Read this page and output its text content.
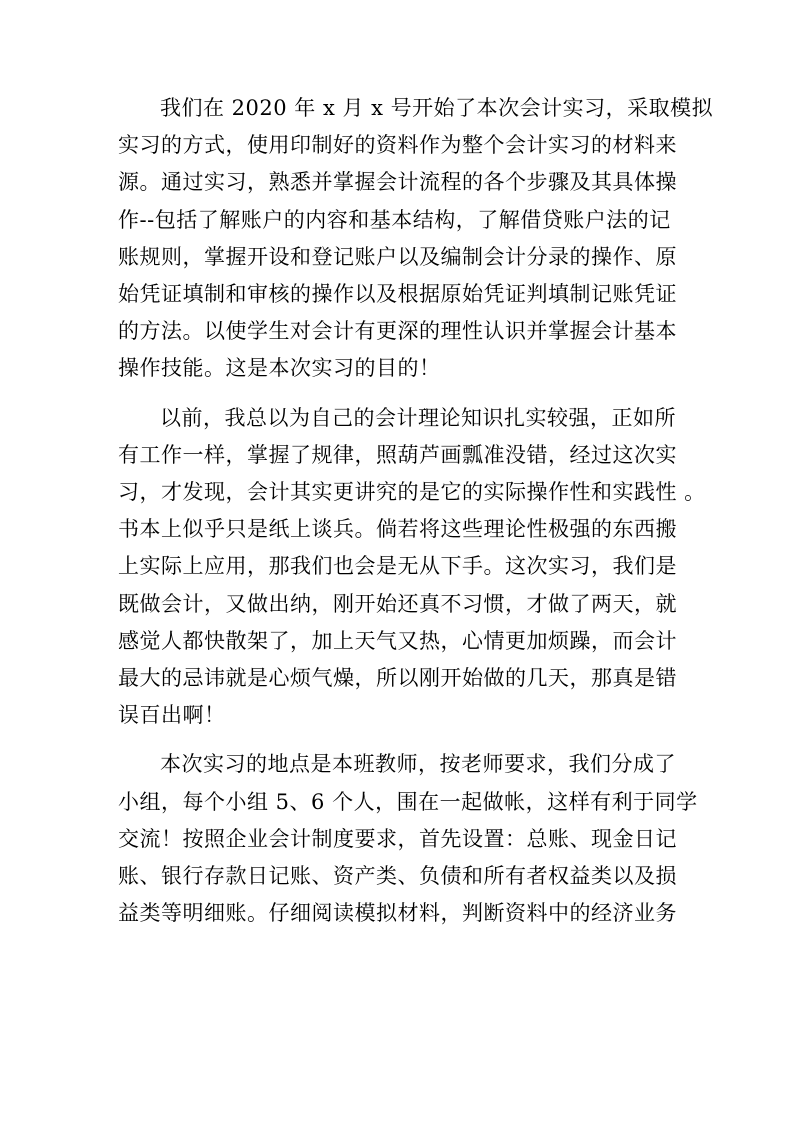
我们在 2020 年 x 月 x 号开始了本次会计实习，采取模拟
实习的方式，使用印制好的资料作为整个会计实习的材料来
源。通过实习，熟悉并掌握会计流程的各个步骤及其具体操
作--包括了解账户的内容和基本结构，了解借贷账户法的记
账规则，掌握开设和登记账户以及编制会计分录的操作、原
始凭证填制和审核的操作以及根据原始凭证判填制记账凭证
的方法。以使学生对会计有更深的理性认识并掌握会计基本
操作技能。这是本次实习的目的！

以前，我总以为自己的会计理论知识扎实较强，正如所
有工作一样，掌握了规律，照葫芦画瓢准没错，经过这次实
习，才发现，会计其实更讲究的是它的实际操作性和实践性 。
书本上似乎只是纸上谈兵。倘若将这些理论性极强的东西搬
上实际上应用，那我们也会是无从下手。这次实习，我们是
既做会计，又做出纳，刚开始还真不习惯，才做了两天，就
感觉人都快散架了，加上天气又热，心情更加烦躁，而会计
最大的忌讳就是心烦气燥，所以刚开始做的几天，那真是错
误百出啊！

本次实习的地点是本班教师，按老师要求，我们分成了
小组，每个小组 5、6 个人，围在一起做帐，这样有利于同学
交流！按照企业会计制度要求，首先设置：总账、现金日记
账、银行存款日记账、资产类、负债和所有者权益类以及损
益类等明细账。仔细阅读模拟材料，判断资料中的经济业务
